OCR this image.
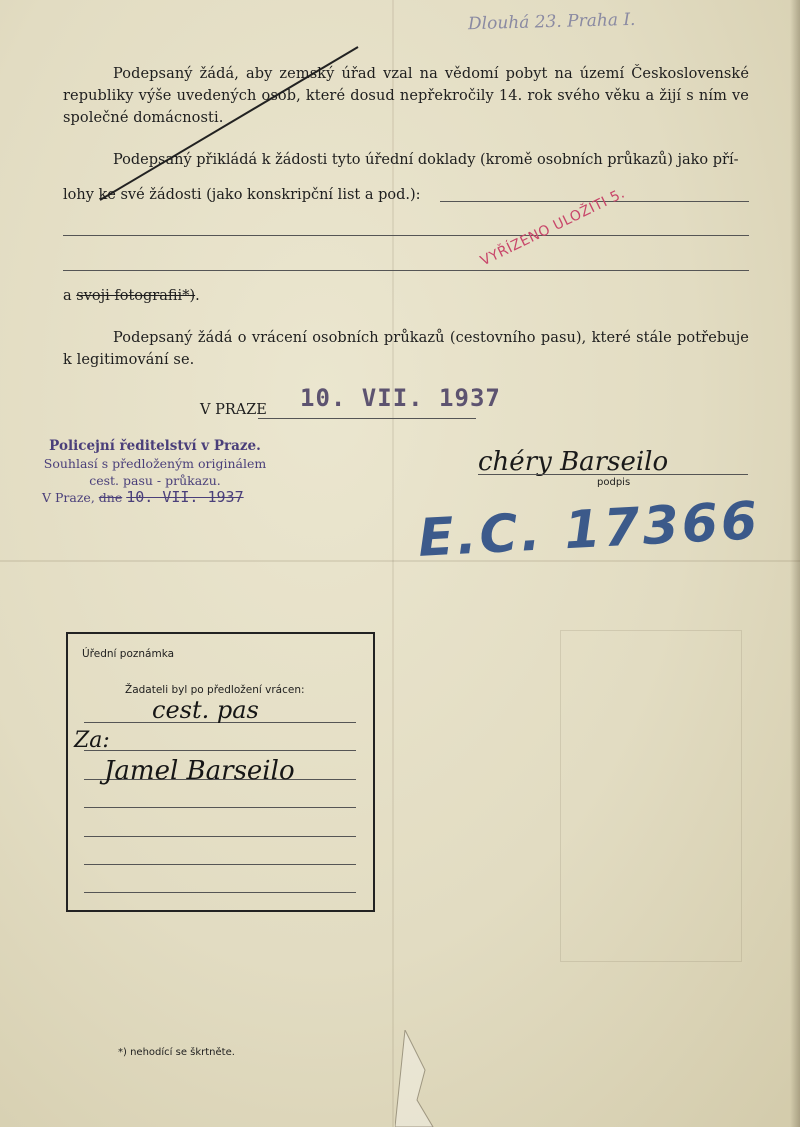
Dlouhá 23. Praha I.

Podepsaný žádá, aby zemský úřad vzal na vědomí pobyt na území Československé republiky výše uvedených osob, které dosud nepřekročily 14. rok svého věku a žijí s ním ve společné domácnosti.

Podepsaný přikládá k žádosti tyto úřední doklady (kromě osobních průkazů) jako pří-
lohy ke své žádosti (jako konskripční list a pod.):
a svoji fotografii*).
VYŘÍZENO ULOŽITI 5.

Podepsaný žádá o vrácení osobních průkazů (cestovního pasu), které stále potřebuje k legitimování se.

V PRAZE 10. VII. 1937
Policejní ředitelství v Praze.
Souhlasí s předloženým originálem
cest. pasu - průkazu.
V Praze, dne 10. VII. 1937
chéry Barseilo
podpis
E.C. 17366
Úřední poznámka
Žadateli byl po předložení vrácen:
cest. pas
Za:
Jamel Barseilo
*) nehodící se škrtněte.
